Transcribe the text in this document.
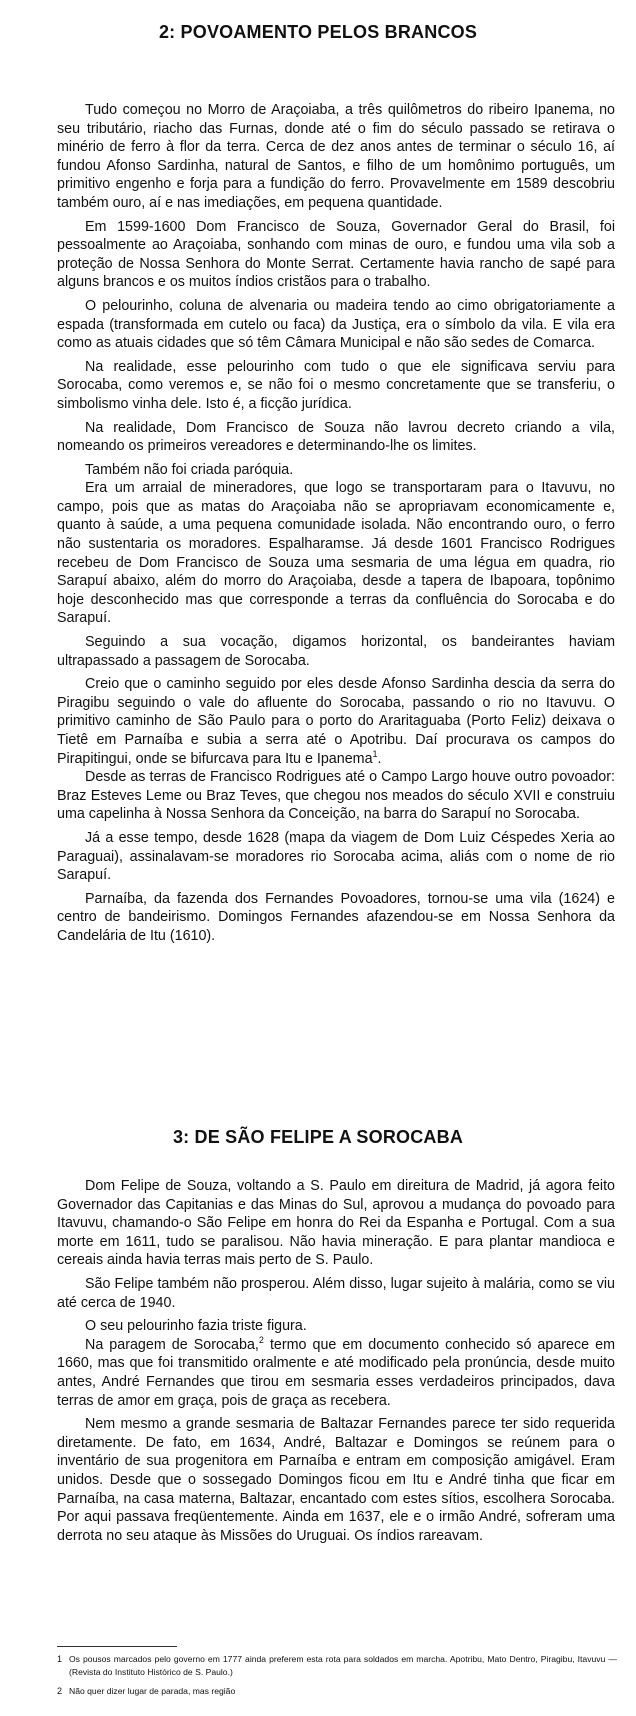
2: POVOAMENTO PELOS BRANCOS

Tudo começou no Morro de Araçoiaba, a três quilômetros do ribeiro Ipanema, no seu tributário, riacho das Furnas, donde até o fim do século passado se retirava o minério de ferro à flor da terra. Cerca de dez anos antes de terminar o século 16, aí fundou Afonso Sardinha, natural de Santos, e filho de um homônimo português, um primitivo engenho e forja para a fundição do ferro. Provavelmente em 1589 descobriu também ouro, aí e nas imediações, em pequena quantidade.

Em 1599-1600 Dom Francisco de Souza, Governador Geral do Brasil, foi pessoalmente ao Araçoiaba, sonhando com minas de ouro, e fundou uma vila sob a proteção de Nossa Senhora do Monte Serrat. Certamente havia rancho de sapé para alguns brancos e os muitos índios cristãos para o trabalho.

O pelourinho, coluna de alvenaria ou madeira tendo ao cimo obrigatoriamente a espada (transformada em cutelo ou faca) da Justiça, era o símbolo da vila. E vila era como as atuais cidades que só têm Câmara Municipal e não são sedes de Comarca.

Na realidade, esse pelourinho com tudo o que ele significava serviu para Sorocaba, como veremos e, se não foi o mesmo concretamente que se transferiu, o simbolismo vinha dele. Isto é, a ficção jurídica.

Na realidade, Dom Francisco de Souza não lavrou decreto criando a vila, nomeando os primeiros vereadores e determinando-lhe os limites.

Também não foi criada paróquia.

Era um arraial de mineradores, que logo se transportaram para o Itavuvu, no campo, pois que as matas do Araçoiaba não se apropriavam economicamente e, quanto à saúde, a uma pequena comunidade isolada. Não encontrando ouro, o ferro não sustentaria os moradores. Espalharamse. Já desde 1601 Francisco Rodrigues recebeu de Dom Francisco de Souza uma sesmaria de uma légua em quadra, rio Sarapuí abaixo, além do morro do Araçoiaba, desde a tapera de Ibapoara, topônimo hoje desconhecido mas que corresponde a terras da confluência do Sorocaba e do Sarapuí.

Seguindo a sua vocação, digamos horizontal, os bandeirantes haviam ultrapassado a passagem de Sorocaba.

Creio que o caminho seguido por eles desde Afonso Sardinha descia da serra do Piragibu seguindo o vale do afluente do Sorocaba, passando o rio no Itavuvu. O primitivo caminho de São Paulo para o porto do Araritaguaba (Porto Feliz) deixava o Tietê em Parnaíba e subia a serra até o Apotribu. Daí procurava os campos do Pirapitingui, onde se bifurcava para Itu e Ipanema$^1$.

Desde as terras de Francisco Rodrigues até o Campo Largo houve outro povoador: Braz Esteves Leme ou Braz Teves, que chegou nos meados do século XVII e construiu uma capelinha à Nossa Senhora da Conceição, na barra do Sarapuí no Sorocaba.

Já a esse tempo, desde 1628 (mapa da viagem de Dom Luiz Céspedes Xeria ao Paraguai), assinalavam-se moradores rio Sorocaba acima, aliás com o nome de rio Sarapuí.

Parnaíba, da fazenda dos Fernandes Povoadores, tornou-se uma vila (1624) e centro de bandeirismo. Domingos Fernandes afazendou-se em Nossa Senhora da Candelária de Itu (1610).

3: DE SÃO FELIPE A SOROCABA

Dom Felipe de Souza, voltando a S. Paulo em direitura de Madrid, já agora feito Governador das Capitanias e das Minas do Sul, aprovou a mudança do povoado para Itavuvu, chamando-o São Felipe em honra do Rei da Espanha e Portugal. Com a sua morte em 1611, tudo se paralisou. Não havia mineração. E para plantar mandioca e cereais ainda havia terras mais perto de S. Paulo.

São Felipe também não prosperou. Além disso, lugar sujeito à malária, como se viu até cerca de 1940.

O seu pelourinho fazia triste figura.

Na paragem de Sorocaba,$^2$ termo que em documento conhecido só aparece em 1660, mas que foi transmitido oralmente e até modificado pela pronúncia, desde muito antes, André Fernandes que tirou em sesmaria esses verdadeiros principados, dava terras de amor em graça, pois de graça as recebera.

Nem mesmo a grande sesmaria de Baltazar Fernandes parece ter sido requerida diretamente. De fato, em 1634, André, Baltazar e Domingos se reúnem para o inventário de sua progenitora em Parnaíba e entram em composição amigável. Eram unidos. Desde que o sossegado Domingos ficou em Itu e André tinha que ficar em Parnaíba, na casa materna, Baltazar, encantado com estes sítios, escolhera Sorocaba. Por aqui passava freqüentemente. Ainda em 1637, ele e o irmão André, sofreram uma derrota no seu ataque às Missões do Uruguai. Os índios rareavam.

1 Os pousos marcados pelo governo em 1777 ainda preferem esta rota para soldados em marcha. Apotribu, Mato Dentro, Piragibu, Itavuvu — (Revista do Instituto Histórico de S. Paulo.)

2 Não quer dizer lugar de parada, mas região
